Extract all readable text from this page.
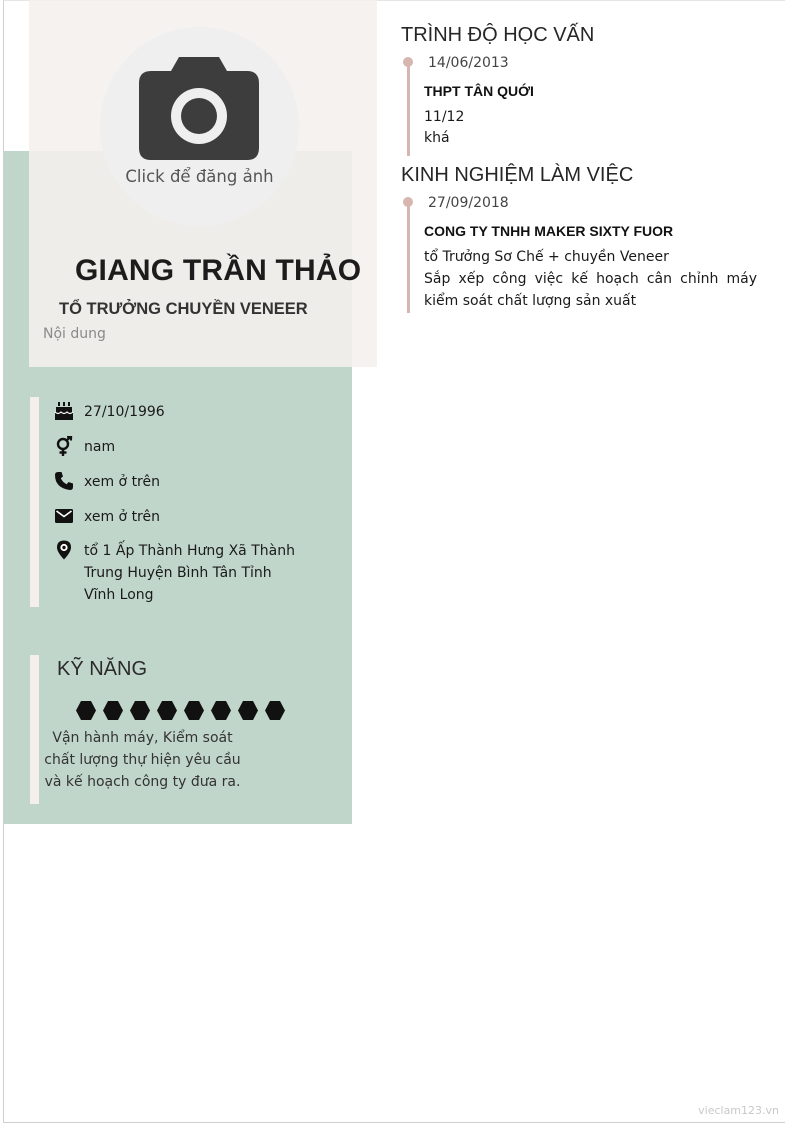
Click để đăng ảnh
GIANG TRẦN THẢO
TỔ TRƯỞNG CHUYỀN VENEER
Nội dung
27/10/1996
nam
xem ở trên
xem ở trên
tổ 1 Ấp Thành Hưng Xã Thành Trung Huyện Bình Tân Tỉnh Vĩnh Long
KỸ NĂNG
Vận hành máy, Kiểm soát chất lượng thự hiện yêu cầu và kế hoạch công ty đưa ra.
TRÌNH ĐỘ HỌC VẤN
14/06/2013
THPT TÂN QUỚI
11/12
khá
KINH NGHIỆM LÀM VIỆC
27/09/2018
CONG TY TNHH MAKER SIXTY FUOR
tổ Trưởng Sơ Chế + chuyền Veneer
Sắp xếp công việc kế hoạch cân chỉnh máy kiểm soát chất lượng sản xuất
vieclam123.vn
